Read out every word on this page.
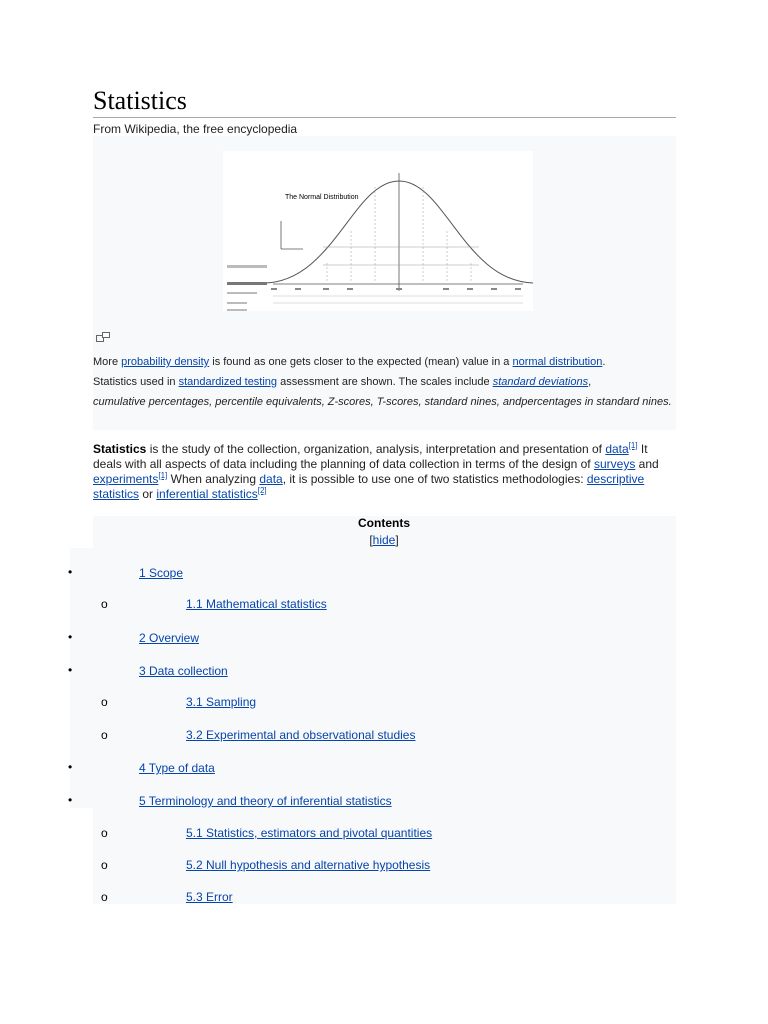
Statistics
From Wikipedia, the free encyclopedia
The Normal Distribution
More probability density is found as one gets closer to the expected (mean) value in a normal distribution.
Statistics used in standardized testing assessment are shown. The scales include standard deviations,
cumulative percentages, percentile equivalents, Z-scores, T-scores, standard nines, andpercentages in standard nines.
Statistics is the study of the collection, organization, analysis, interpretation and presentation of data[1] It deals with all aspects of data including the planning of data collection in terms of the design of surveys and experiments[1] When analyzing data, it is possible to use one of two statistics methodologies: descriptive statistics or inferential statistics[2]
Contents
[hide]
•	1 Scope
o	1.1 Mathematical statistics
•	2 Overview
•	3 Data collection
o	3.1 Sampling
o	3.2 Experimental and observational studies
•	4 Type of data
•	5 Terminology and theory of inferential statistics
o	5.1 Statistics, estimators and pivotal quantities
o	5.2 Null hypothesis and alternative hypothesis
o	5.3 Error
